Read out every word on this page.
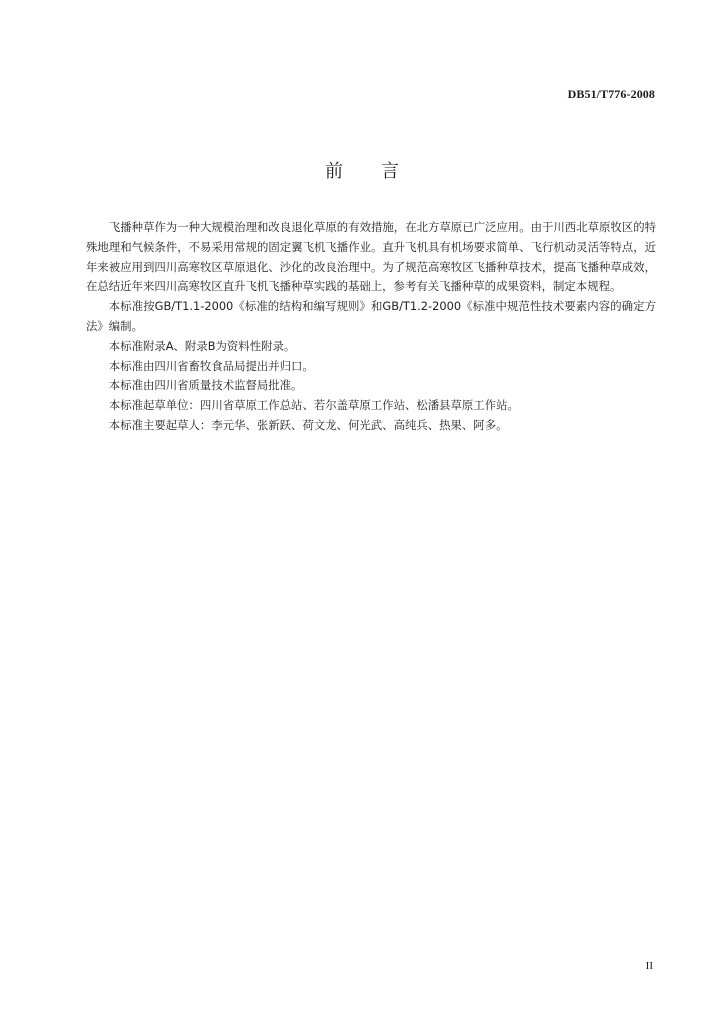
DB51/T776-2008
前言

飞播种草作为一种大规模治理和改良退化草原的有效措施，在北方草原已广泛应用。由于川西北草原牧区的特殊地理和气候条件，不易采用常规的固定翼飞机飞播作业。直升飞机具有机场要求简单、飞行机动灵活等特点，近年来被应用到四川高寒牧区草原退化、沙化的改良治理中。为了规范高寒牧区飞播种草技术，提高飞播种草成效，在总结近年来四川高寒牧区直升飞机飞播种草实践的基础上，参考有关飞播种草的成果资料，制定本规程。

本标准按GB/T1.1-2000《标准的结构和编写规则》和GB/T1.2-2000《标准中规范性技术要素内容的确定方法》编制。

本标准附录A、附录B为资料性附录。

本标准由四川省畜牧食品局提出并归口。

本标准由四川省质量技术监督局批准。

本标准起草单位：四川省草原工作总站、若尔盖草原工作站、松潘县草原工作站。

本标准主要起草人：李元华、张新跃、荷文龙、何光武、高纯兵、热果、阿多。

II
